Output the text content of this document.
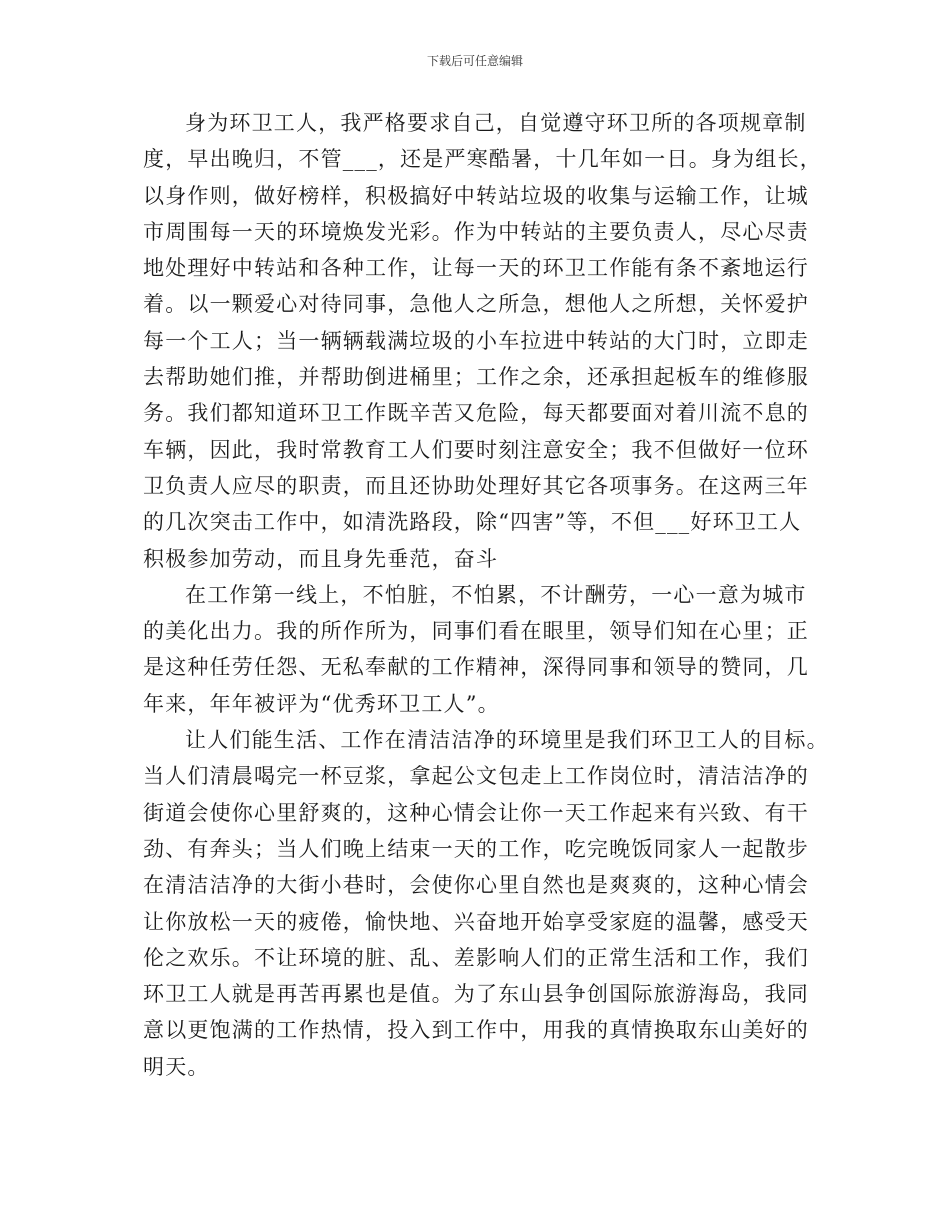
下载后可任意编辑
身为环卫工人，我严格要求自己，自觉遵守环卫所的各项规章制
度，早出晚归，不管___，还是严寒酷暑，十几年如一日。身为组长，
以身作则，做好榜样，积极搞好中转站垃圾的收集与运输工作，让城
市周围每一天的环境焕发光彩。作为中转站的主要负责人，尽心尽责
地处理好中转站和各种工作，让每一天的环卫工作能有条不紊地运行
着。以一颗爱心对待同事，急他人之所急，想他人之所想，关怀爱护
每一个工人；当一辆辆载满垃圾的小车拉进中转站的大门时，立即走
去帮助她们推，并帮助倒进桶里；工作之余，还承担起板车的维修服
务。我们都知道环卫工作既辛苦又危险，每天都要面对着川流不息的
车辆，因此，我时常教育工人们要时刻注意安全；我不但做好一位环
卫负责人应尽的职责，而且还协助处理好其它各项事务。在这两三年
的几次突击工作中，如清洗路段，除“四害”等，不但___好环卫工人
积极参加劳动，而且身先垂范，奋斗
在工作第一线上，不怕脏，不怕累，不计酬劳，一心一意为城市
的美化出力。我的所作所为，同事们看在眼里，领导们知在心里；正
是这种任劳任怨、无私奉献的工作精神，深得同事和领导的赞同，几
年来，年年被评为“优秀环卫工人”。
让人们能生活、工作在清洁洁净的环境里是我们环卫工人的目标。
当人们清晨喝完一杯豆浆，拿起公文包走上工作岗位时，清洁洁净的
街道会使你心里舒爽的，这种心情会让你一天工作起来有兴致、有干
劲、有奔头；当人们晚上结束一天的工作，吃完晚饭同家人一起散步
在清洁洁净的大街小巷时，会使你心里自然也是爽爽的，这种心情会
让你放松一天的疲倦，愉快地、兴奋地开始享受家庭的温馨，感受天
伦之欢乐。不让环境的脏、乱、差影响人们的正常生活和工作，我们
环卫工人就是再苦再累也是值。为了东山县争创国际旅游海岛，我同
意以更饱满的工作热情，投入到工作中，用我的真情换取东山美好的
明天。
